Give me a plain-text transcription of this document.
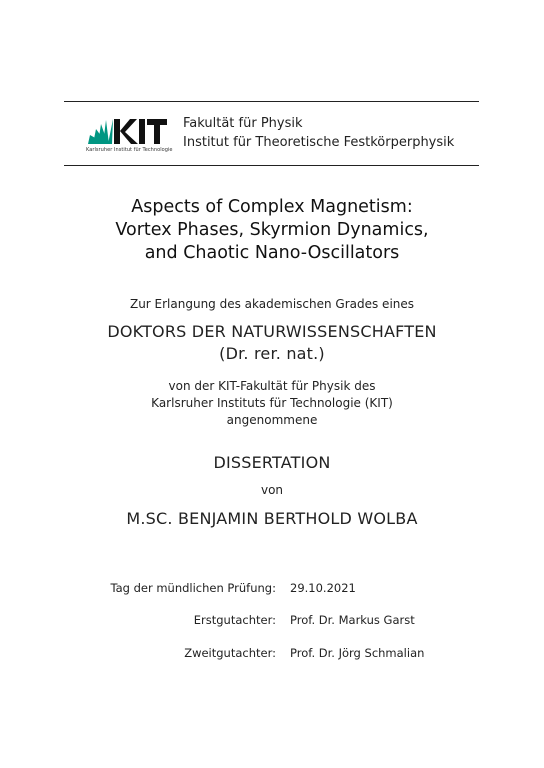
Karlsruher Institut für Technologie
Fakultät für Physik
Institut für Theoretische Festkörperphysik
Aspects of Complex Magnetism:
Vortex Phases, Skyrmion Dynamics,
and Chaotic Nano-Oscillators
Zur Erlangung des akademischen Grades eines
DOKTORS DER NATURWISSENSCHAFTEN
(Dr. rer. nat.)
von der KIT-Fakultät für Physik des
Karlsruher Instituts für Technologie (KIT)
angenommene
DISSERTATION
von
M.SC. BENJAMIN BERTHOLD WOLBA
Tag der mündlichen Prüfung: 29.10.2021
Erstgutachter: Prof. Dr. Markus Garst
Zweitgutachter: Prof. Dr. Jörg Schmalian
